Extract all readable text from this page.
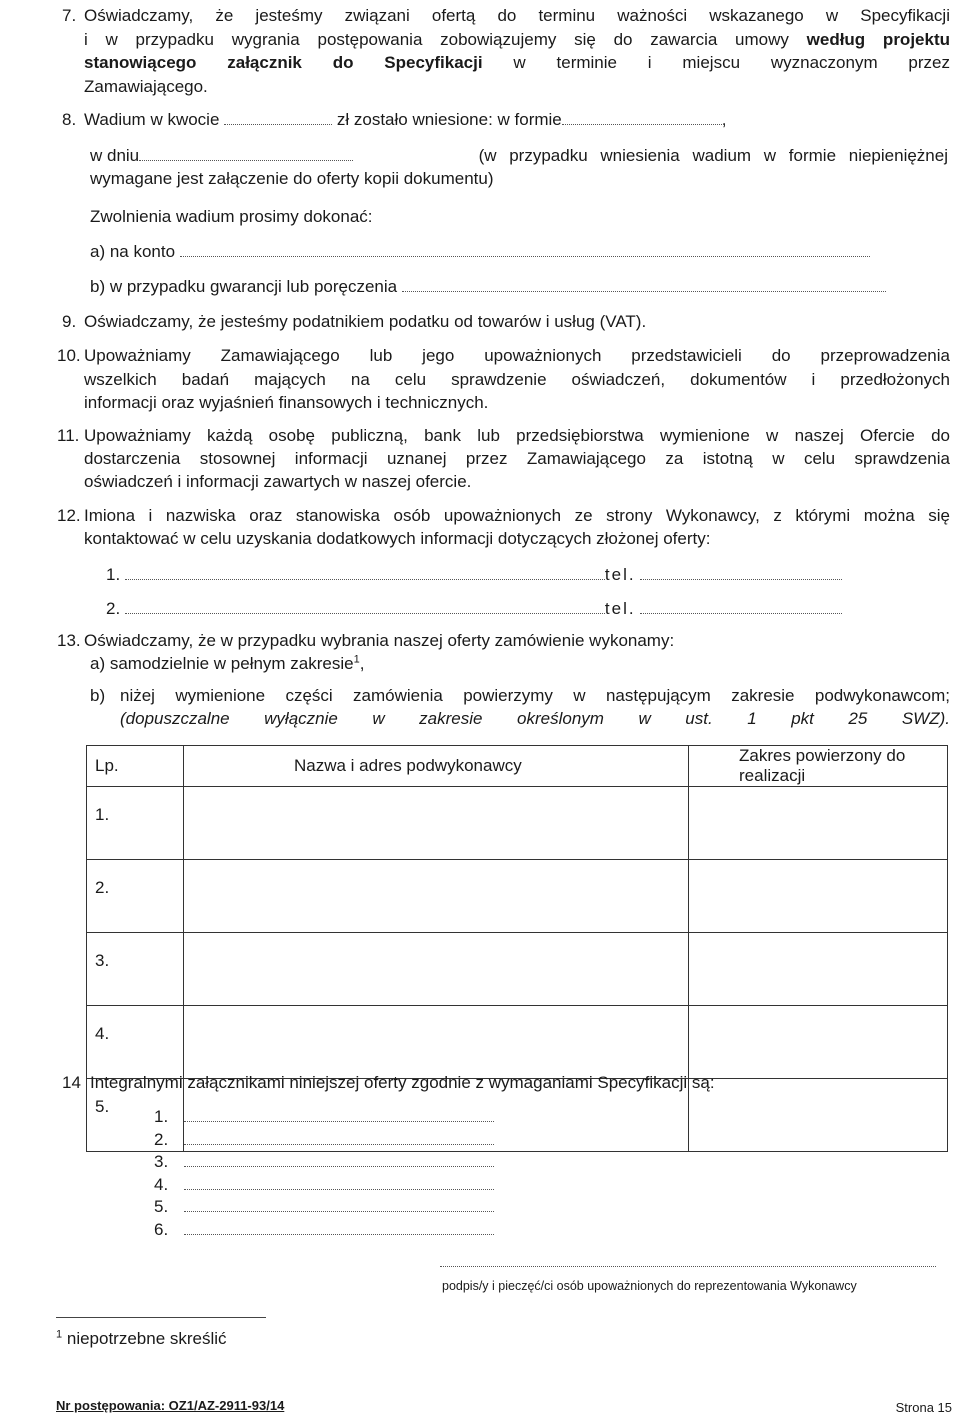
7. Oświadczamy, że jesteśmy związani ofertą do terminu ważności wskazanego w Specyfikacji
i w przypadku wygrania postępowania zobowiązujemy się do zawarcia umowy według projektu
stanowiącego załącznik do Specyfikacji w terminie i miejscu wyznaczonym przez
Zamawiającego.
8. Wadium w kwocie	zł zostało wniesione: w formie	,
w dniu	(w przypadku wniesienia wadium w formie niepieniężnej
wymagane jest załączenie do oferty kopii dokumentu)
Zwolnienia wadium prosimy dokonać:
a) na konto
b) w przypadku gwarancji lub poręczenia
9. Oświadczamy, że jesteśmy podatnikiem podatku od towarów i usług (VAT).
10. Upoważniamy Zamawiającego lub jego upoważnionych przedstawicieli do przeprowadzenia
wszelkich badań mających na celu sprawdzenie oświadczeń, dokumentów i przedłożonych
informacji oraz wyjaśnień finansowych i technicznych.
11. Upoważniamy każdą osobę publiczną, bank lub przedsiębiorstwa wymienione w naszej Ofercie do
dostarczenia stosownej informacji uznanej przez Zamawiającego za istotną w celu sprawdzenia
oświadczeń i informacji zawartych w naszej ofercie.
12. Imiona i nazwiska oraz stanowiska osób upoważnionych ze strony Wykonawcy, z którymi można się
kontaktować w celu uzyskania dodatkowych informacji dotyczących złożonej oferty:
1.	tel.
2.	tel.
13. Oświadczamy, że w przypadku wybrania naszej oferty zamówienie wykonamy:
a) samodzielnie w pełnym zakresie$^1$,
b) niżej wymienione części zamówienia powierzymy w następującym zakresie podwykonawcom;
(dopuszczalne wyłącznie w zakresie określonym w ust. 1 pkt 25 SWZ).
Lp.	Nazwa i adres podwykonawcy	Zakres powierzony do realizacji
1.		
2.		
3.		
4.		
5.		
14 Integralnymi załącznikami niniejszej oferty zgodnie z wymaganiami Specyfikacji są:
1.
2.
3.
4.
5.
6.
podpis/y i pieczęć/ci osób upoważnionych do reprezentowania Wykonawcy
$^1$ niepotrzebne skreślić
Nr postępowania: OZ1/AZ-2911-93/14	Strona 15
